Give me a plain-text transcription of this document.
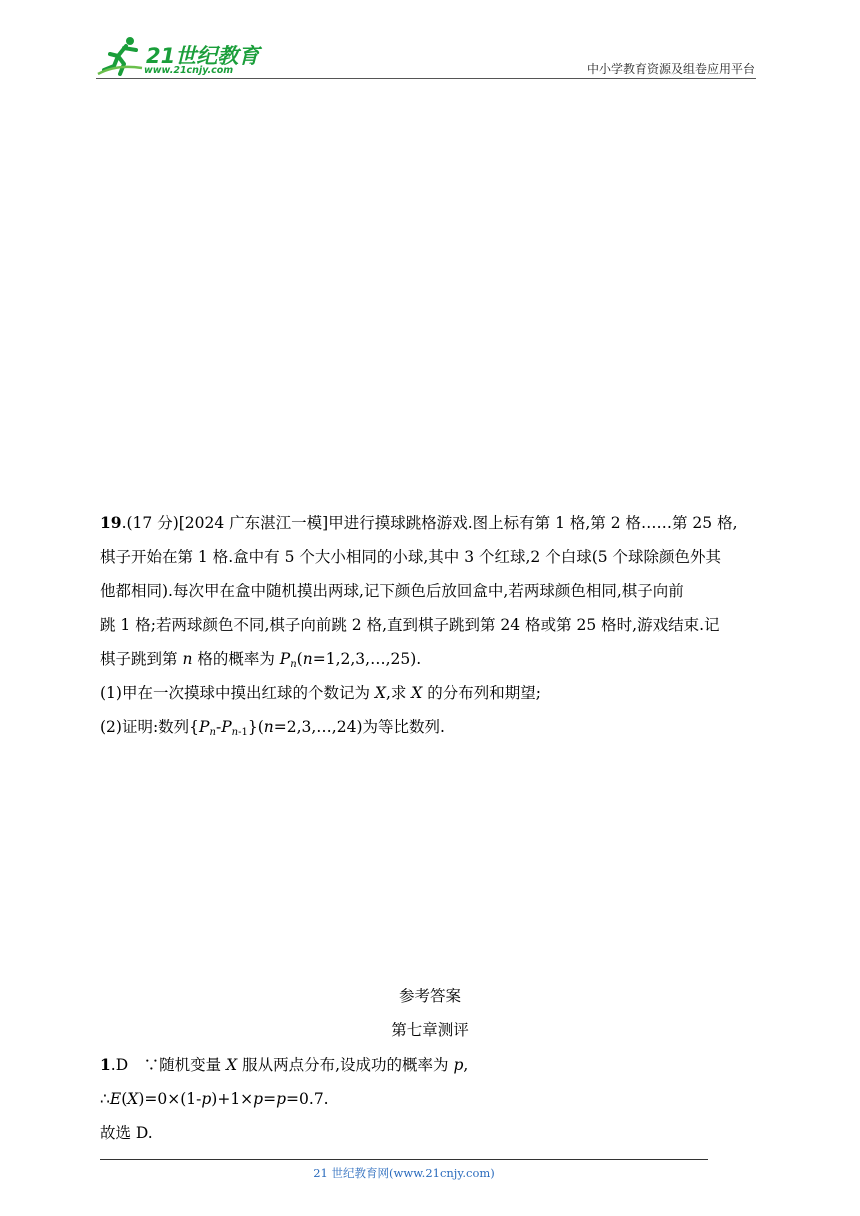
21世纪教育
www.21cnjy.com	中小学教育资源及组卷应用平台

19.(17 分)[2024 广东湛江一模]甲进行摸球跳格游戏.图上标有第 1 格,第 2 格……第 25 格,

棋子开始在第 1 格.盒中有 5 个大小相同的小球,其中 3 个红球,2 个白球(5 个球除颜色外其

他都相同).每次甲在盒中随机摸出两球,记下颜色后放回盒中,若两球颜色相同,棋子向前

跳 1 格;若两球颜色不同,棋子向前跳 2 格,直到棋子跳到第 24 格或第 25 格时,游戏结束.记

棋子跳到第 n 格的概率为 $P_n(n=1,2,3,\dots,25)$.

(1)甲在一次摸球中摸出红球的个数记为 X,求 X 的分布列和期望;

(2)证明:数列$\{P_n-P_{n-1}\}(n=2,3,\dots,24)$为等比数列.

参考答案
第七章测评

1.D　∵随机变量 X 服从两点分布,设成功的概率为 p,

∴E(X)=0×(1-p)+1×p=p=0.7.

故选 D.

21 世纪教育网(www.21cnjy.com)
